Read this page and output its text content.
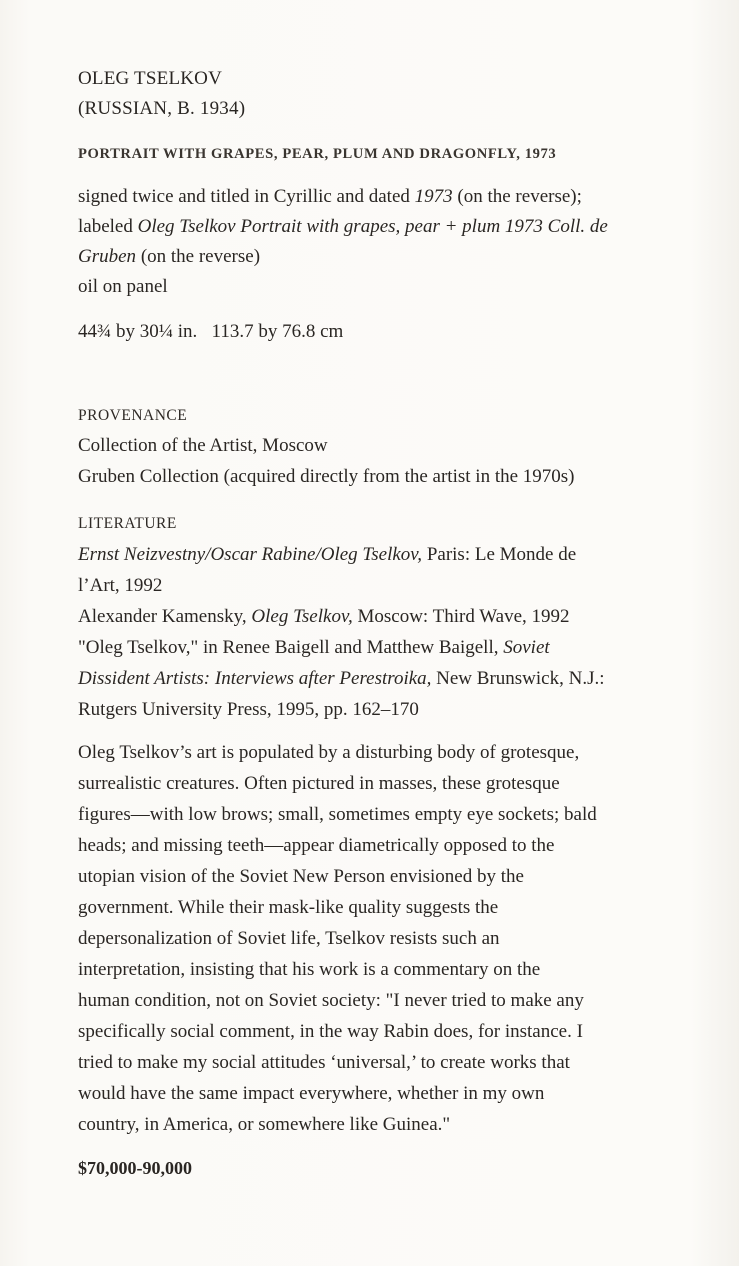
OLEG TSELKOV
(RUSSIAN, B. 1934)
PORTRAIT WITH GRAPES, PEAR, PLUM AND DRAGONFLY, 1973
signed twice and titled in Cyrillic and dated 1973 (on the reverse);
labeled Oleg Tselkov Portrait with grapes, pear + plum 1973 Coll. de
Gruben (on the reverse)
oil on panel
44¾ by 30¼ in.   113.7 by 76.8 cm
PROVENANCE
Collection of the Artist, Moscow
Gruben Collection (acquired directly from the artist in the 1970s)
LITERATURE
Ernst Neizvestny/Oscar Rabine/Oleg Tselkov, Paris: Le Monde de
l’Art, 1992
Alexander Kamensky, Oleg Tselkov, Moscow: Third Wave, 1992
"Oleg Tselkov," in Renee Baigell and Matthew Baigell, Soviet
Dissident Artists: Interviews after Perestroika, New Brunswick, N.J.:
Rutgers University Press, 1995, pp. 162–170
Oleg Tselkov’s art is populated by a disturbing body of grotesque,
surrealistic creatures. Often pictured in masses, these grotesque
figures—with low brows; small, sometimes empty eye sockets; bald
heads; and missing teeth—appear diametrically opposed to the
utopian vision of the Soviet New Person envisioned by the
government. While their mask-like quality suggests the
depersonalization of Soviet life, Tselkov resists such an
interpretation, insisting that his work is a commentary on the
human condition, not on Soviet society: "I never tried to make any
specifically social comment, in the way Rabin does, for instance. I
tried to make my social attitudes ‘universal,’ to create works that
would have the same impact everywhere, whether in my own
country, in America, or somewhere like Guinea."
$70,000-90,000
